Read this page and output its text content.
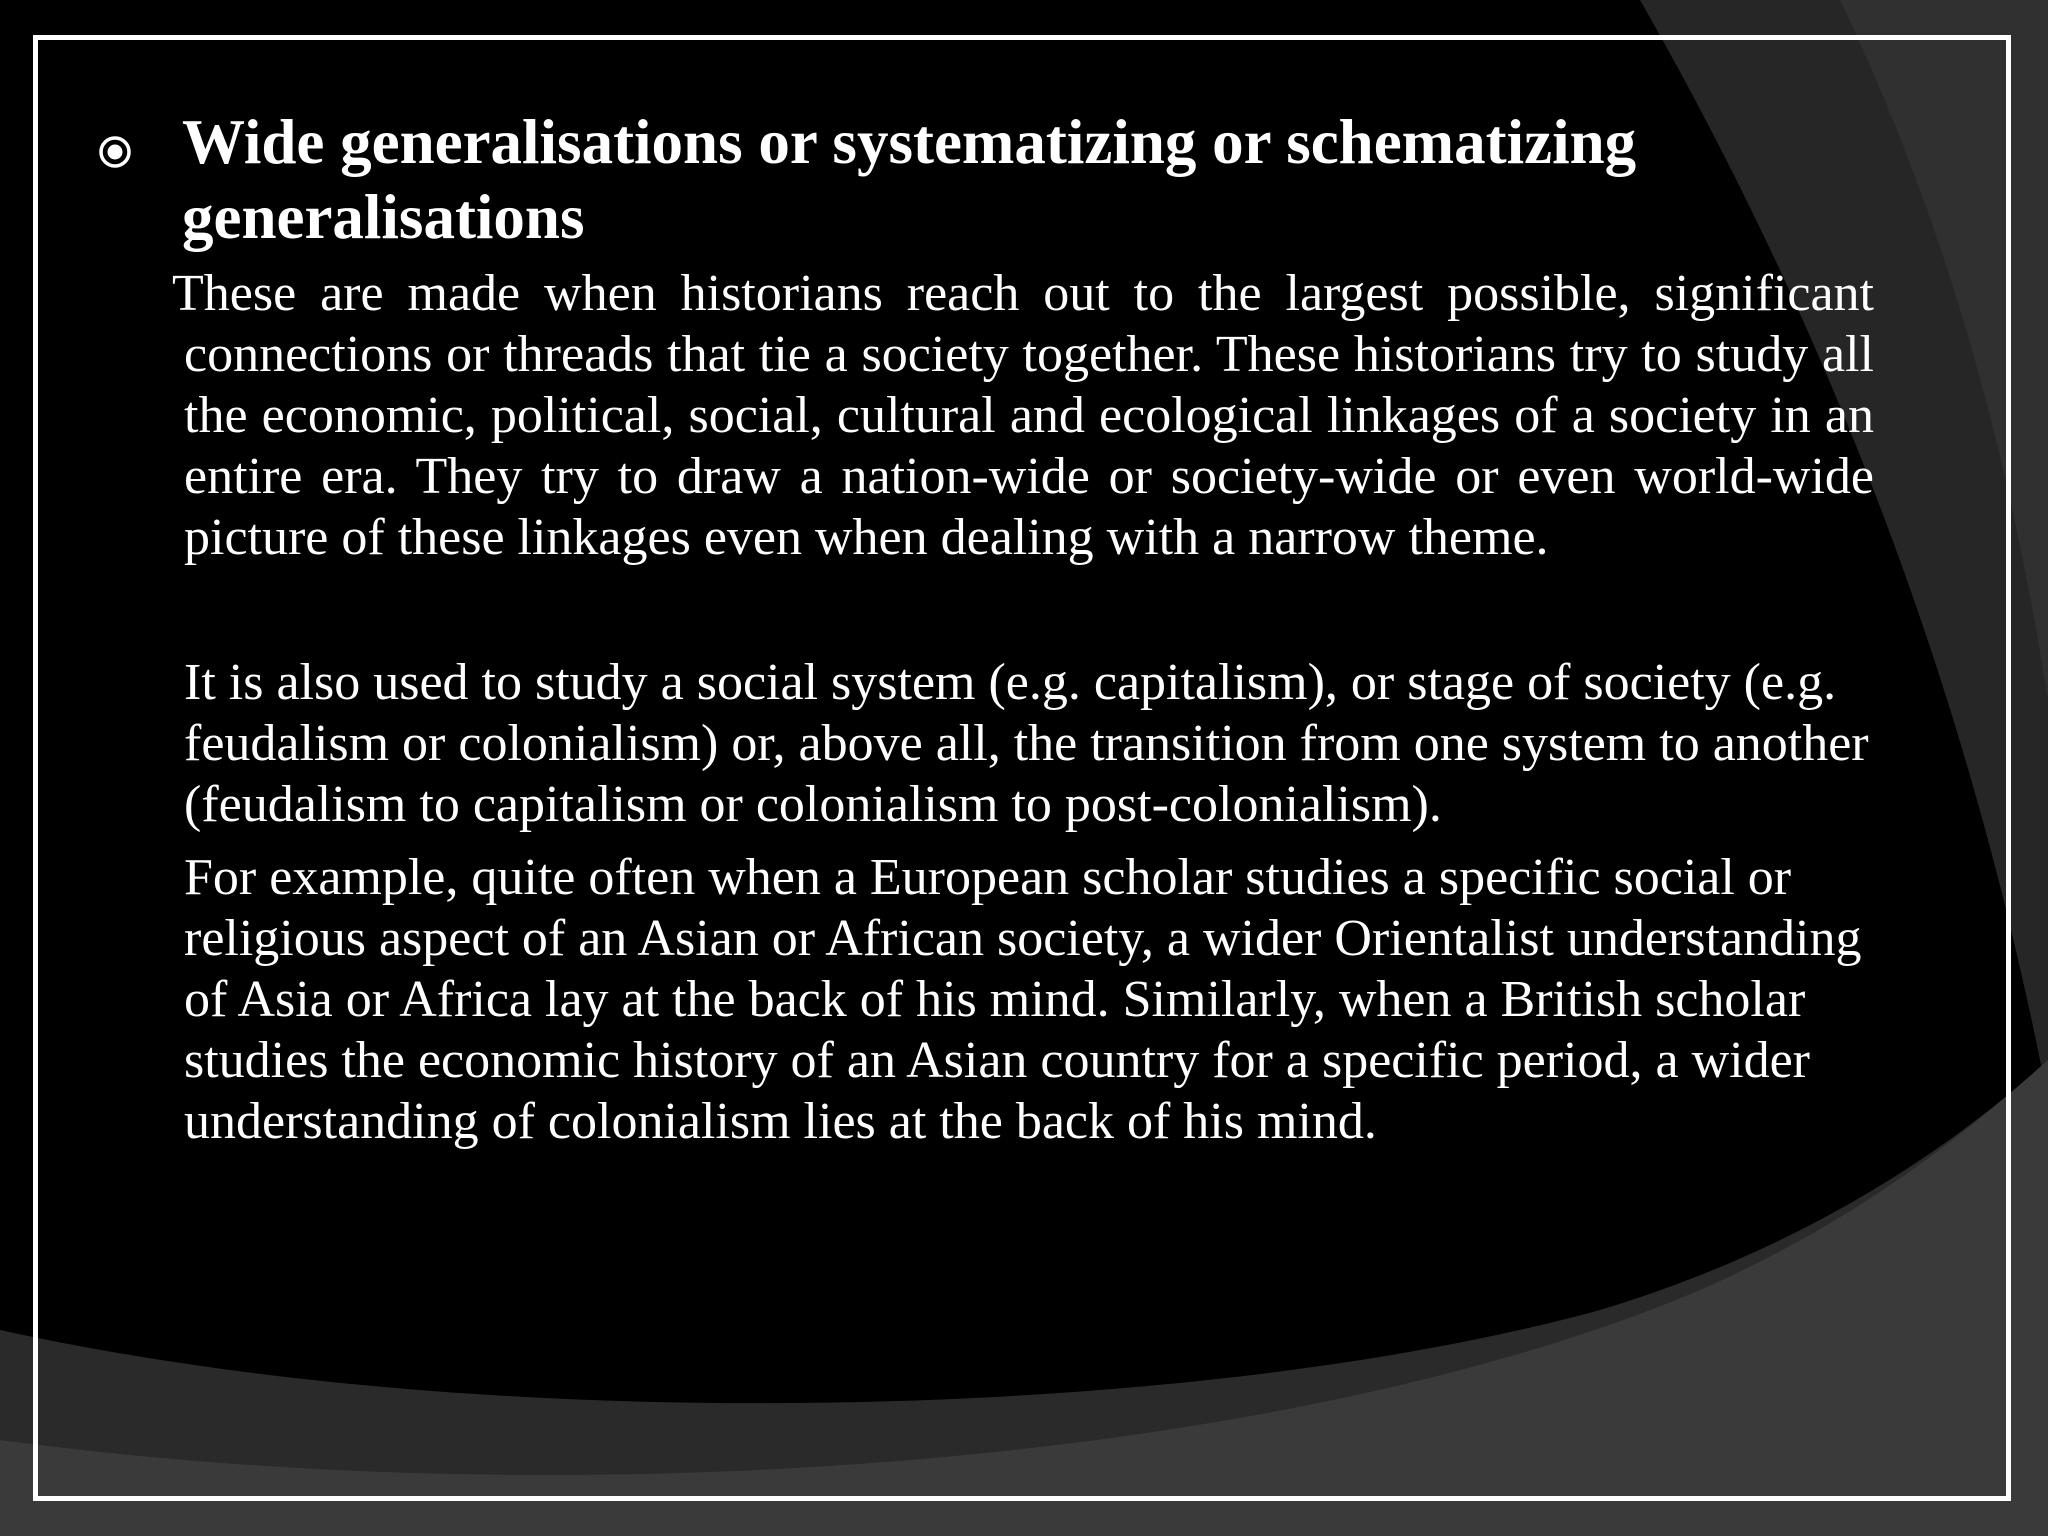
Wide generalisations or systematizing or schematizing generalisations
These are made when historians reach out to the largest possible, significant connections or threads that tie a society together. These historians try to study all the economic, political, social, cultural and ecological linkages of a society in an entire era. They try to draw a nation-wide or society-wide or even world-wide picture of these linkages even when dealing with a narrow theme.
It is also used to study a social system (e.g. capitalism), or stage of society (e.g. feudalism or colonialism) or, above all, the transition from one system to another (feudalism to capitalism or colonialism to post-colonialism).
For example, quite often when a European scholar studies a specific social or religious aspect of an Asian or African society, a wider Orientalist understanding of Asia or Africa lay at the back of his mind. Similarly, when a British scholar studies the economic history of an Asian country for a specific period, a wider understanding of colonialism lies at the back of his mind.
